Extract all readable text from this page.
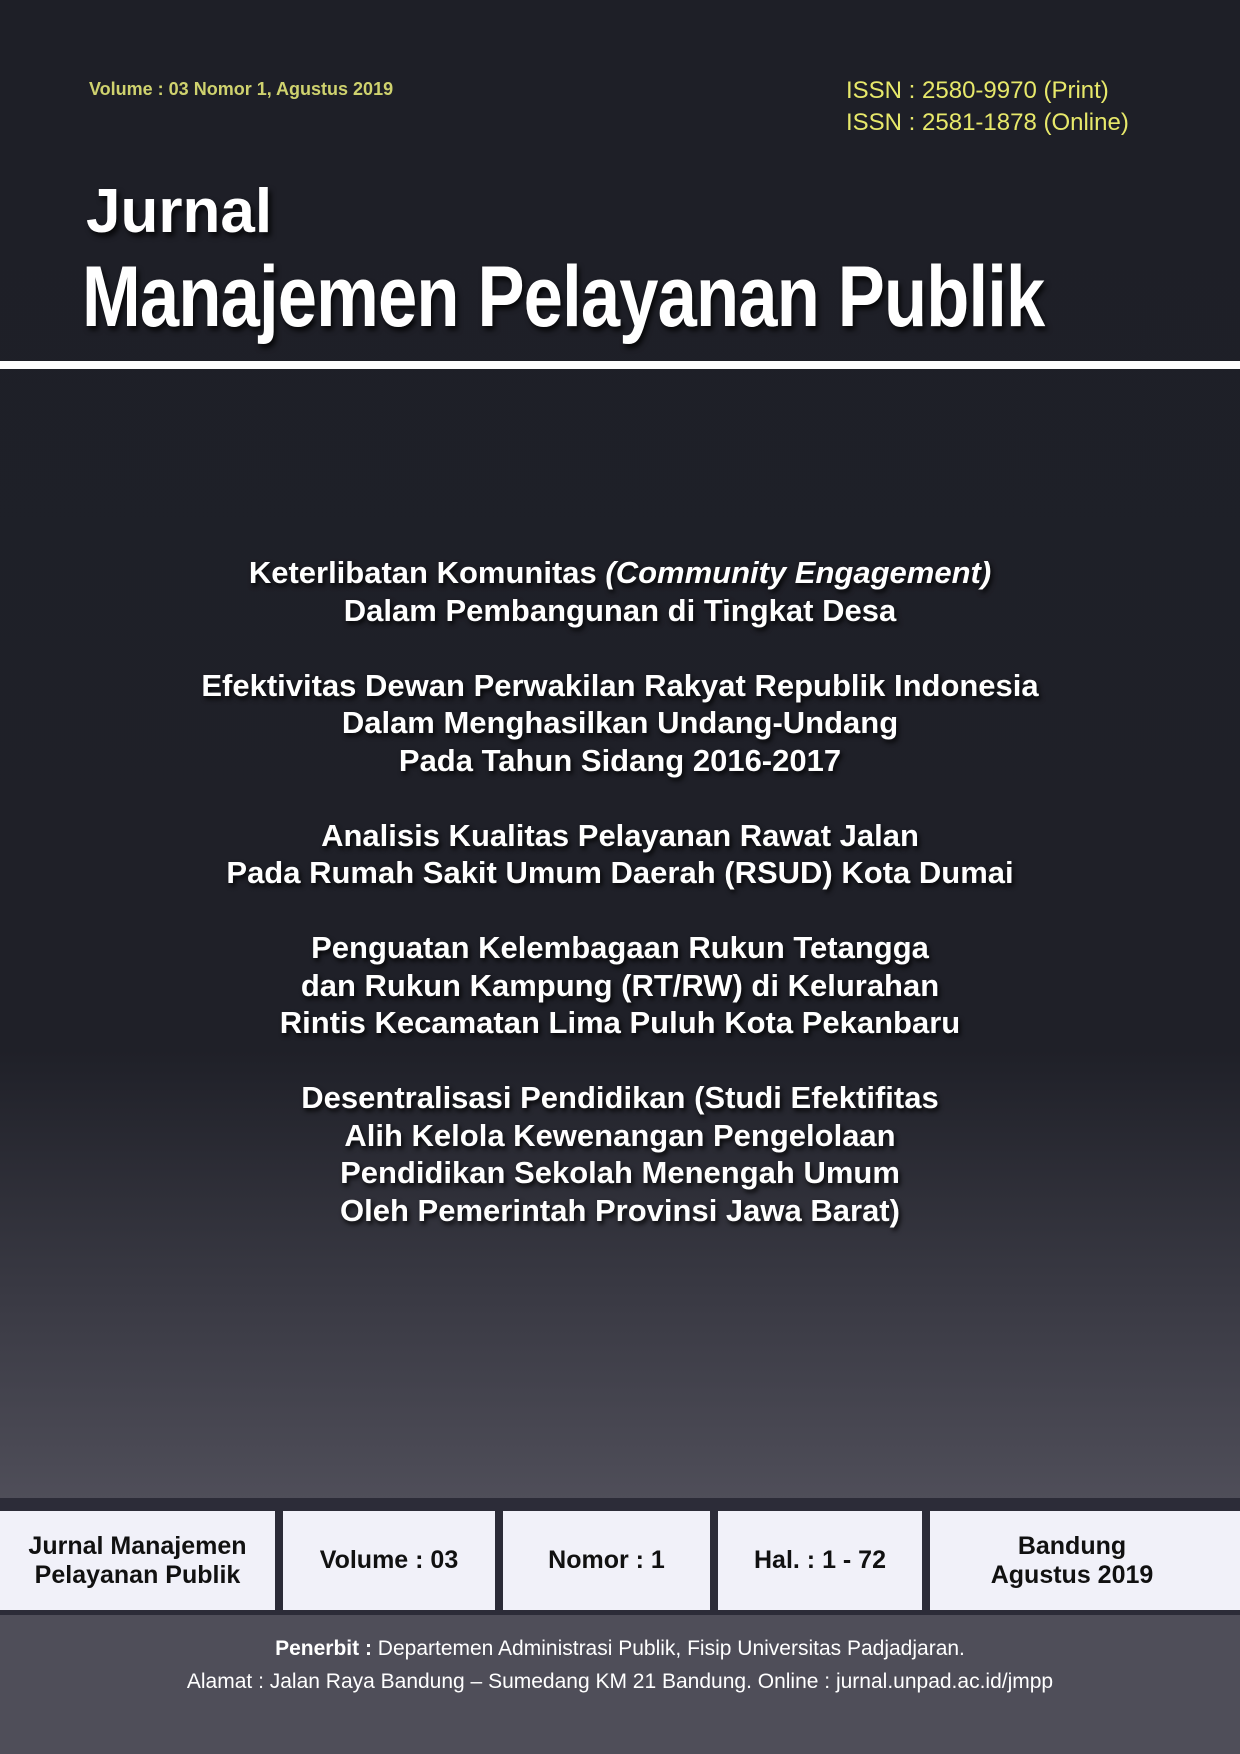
Volume : 03 Nomor 1, Agustus 2019	ISSN : 2580-9970 (Print)
ISSN : 2581-1878 (Online)
Jurnal
Manajemen Pelayanan Publik
Keterlibatan Komunitas (Community Engagement)
Dalam Pembangunan di Tingkat Desa
Efektivitas Dewan Perwakilan Rakyat Republik Indonesia
Dalam Menghasilkan Undang-Undang
Pada Tahun Sidang 2016-2017
Analisis Kualitas Pelayanan Rawat Jalan
Pada Rumah Sakit Umum Daerah (RSUD) Kota Dumai
Penguatan Kelembagaan Rukun Tetangga
dan Rukun Kampung (RT/RW) di Kelurahan
Rintis Kecamatan Lima Puluh Kota Pekanbaru
Desentralisasi Pendidikan (Studi Efektifitas
Alih Kelola Kewenangan Pengelolaan
Pendidikan Sekolah Menengah Umum
Oleh Pemerintah Provinsi Jawa Barat)
Jurnal Manajemen
Pelayanan Publik
Volume : 03	Nomor : 1	Hal. : 1 - 72
Bandung
Agustus 2019
Penerbit : Departemen Administrasi Publik, Fisip Universitas Padjadjaran.
Alamat : Jalan Raya Bandung – Sumedang KM 21 Bandung. Online : jurnal.unpad.ac.id/jmpp
